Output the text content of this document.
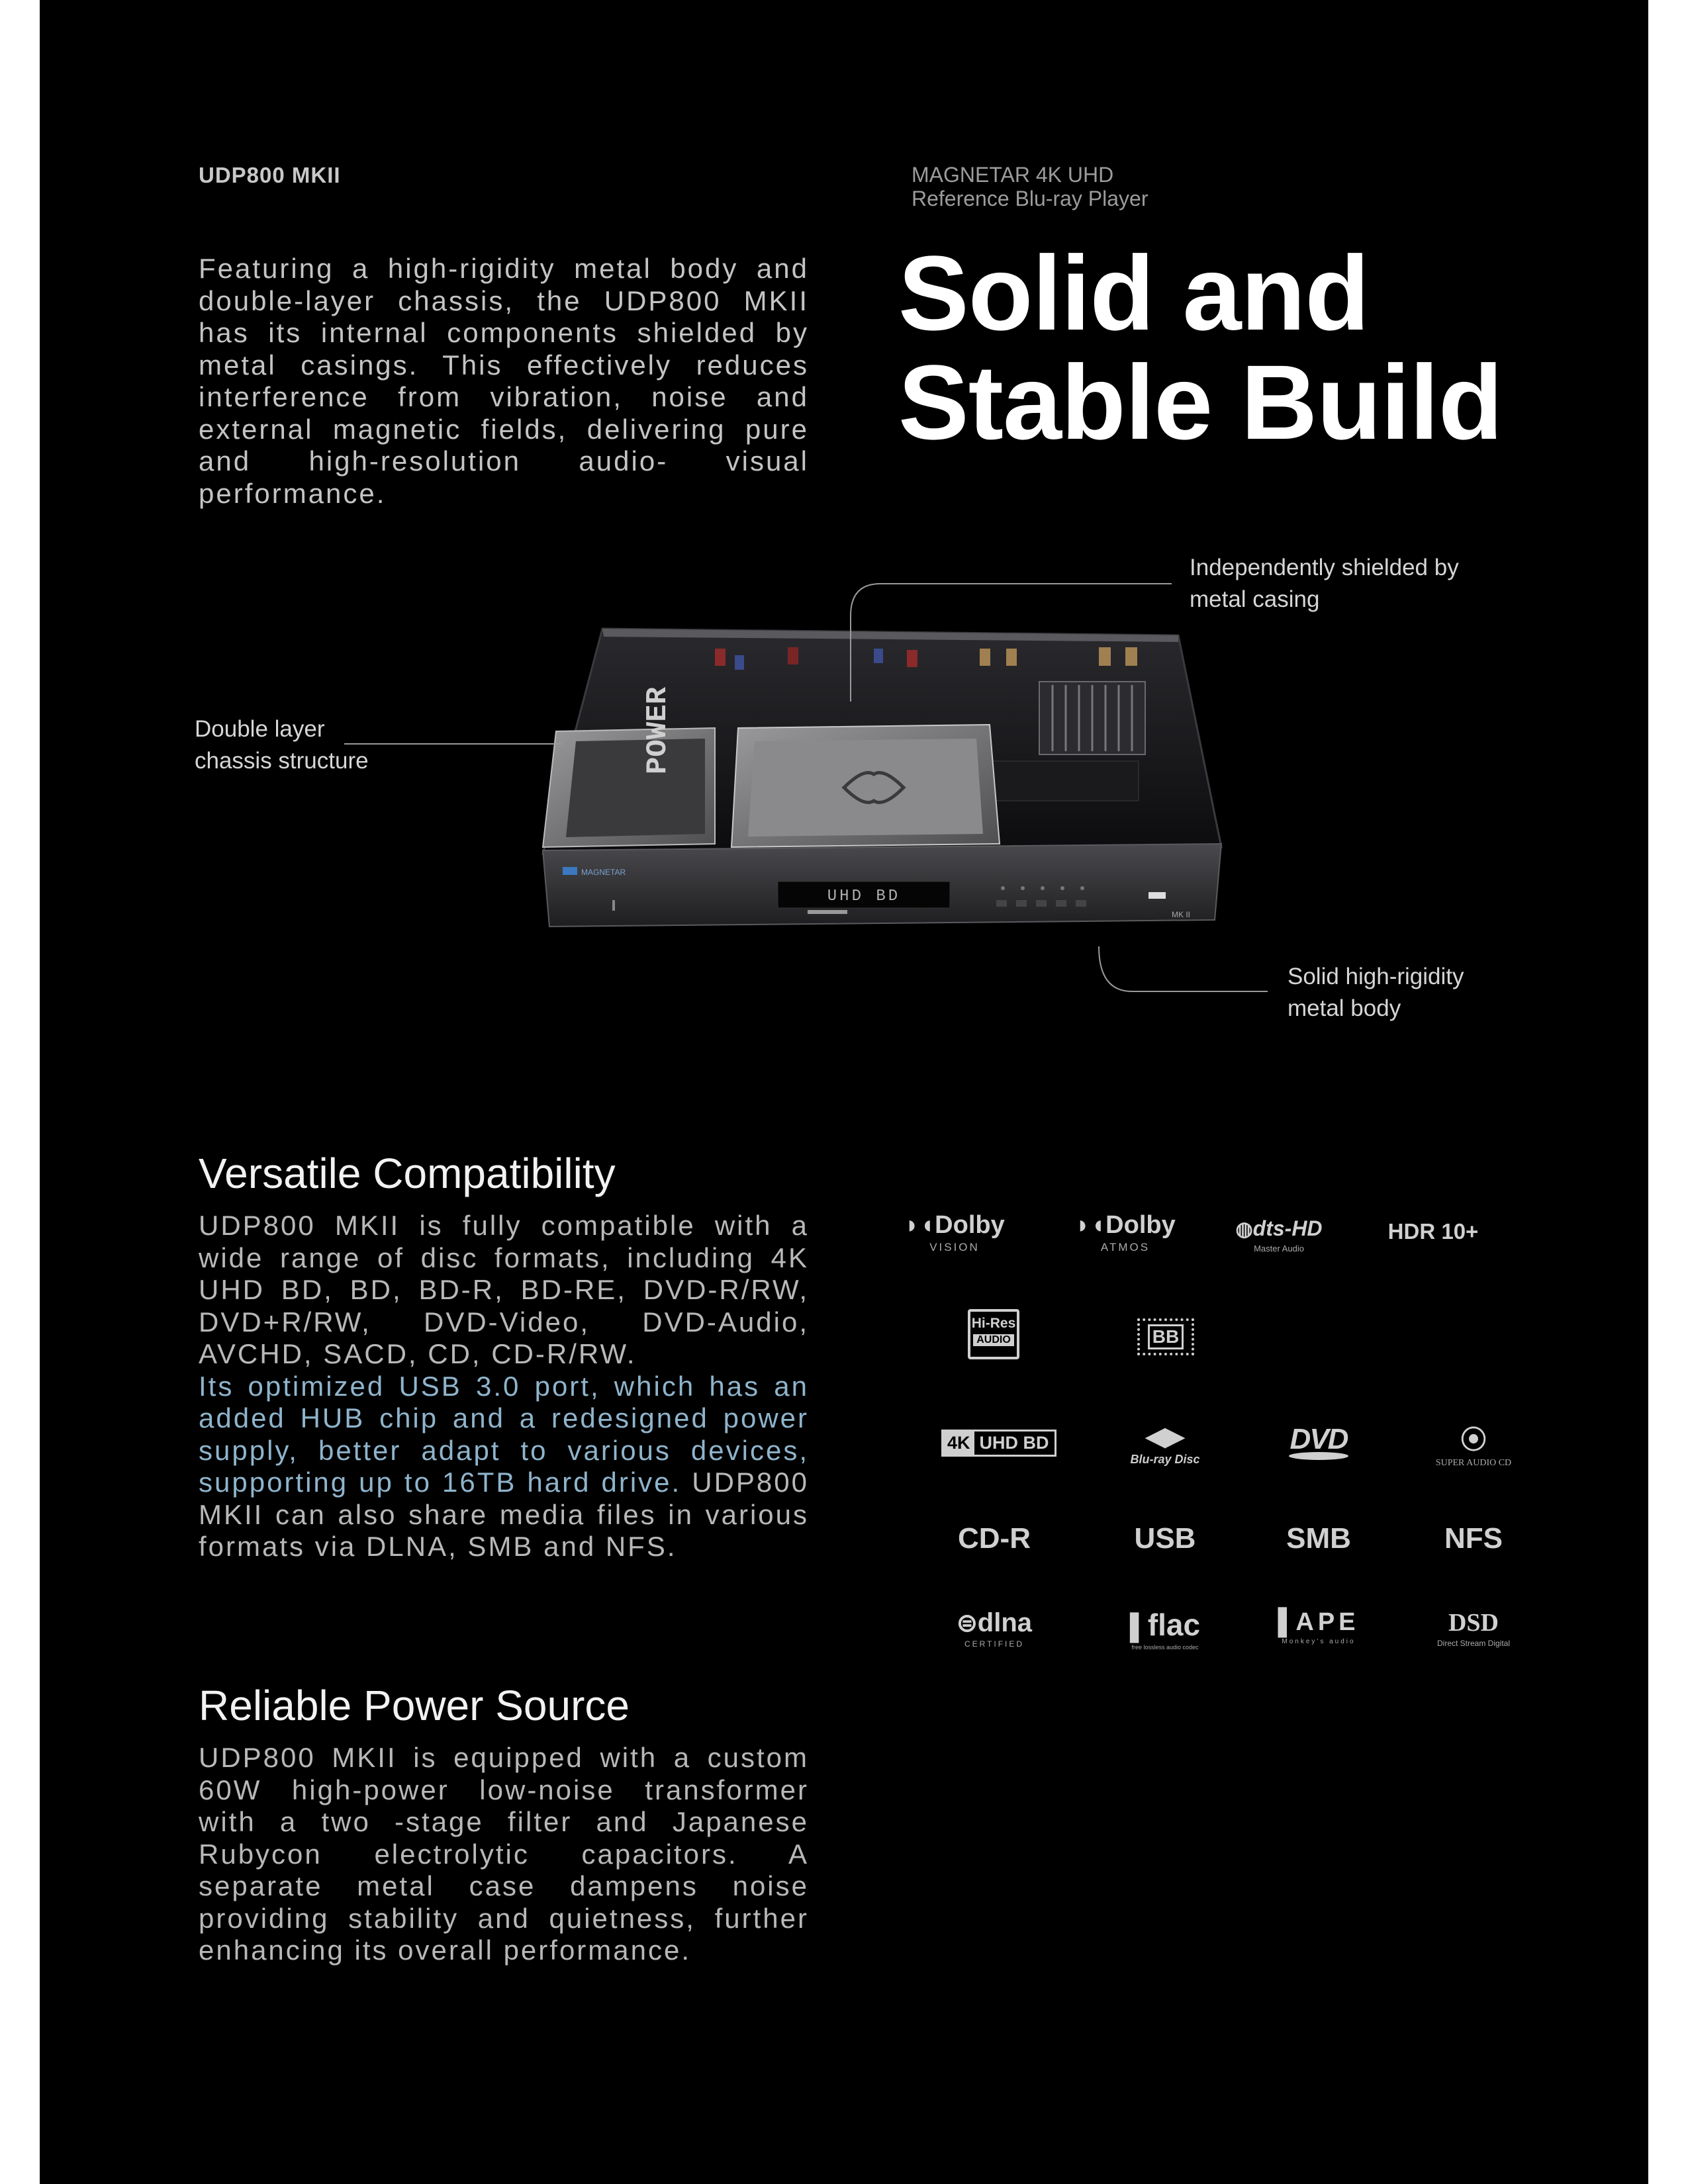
UDP800 MKII	MAGNETAR 4K UHD
Reference Blu-ray Player
Featuring a high-rigidity metal body and double-layer chassis, the UDP800 MKII has its internal components shielded by metal casings. This effectively reduces interference from vibration, noise and external magnetic fields, delivering pure and high-resolution audio- visual performance.
Solid and
Stable Build
POWER
MAGNETAR
UHD BD
MK II
Independently shielded by
metal casing
Double layer
chassis structure
Solid high-rigidity
metal body
Versatile Compatibility
UDP800 MKII is fully compatible with a wide range of disc formats, including 4K UHD BD, BD, BD-R, BD-RE, DVD-R/RW, DVD+R/RW, DVD-Video, DVD-Audio, AVCHD, SACD, CD, CD-R/RW.
Its optimized USB 3.0 port, which has an added HUB chip and a redesigned power supply, better adapt to various devices, supporting up to 16TB hard drive. UDP800 MKII can also share media files in various formats via DLNA, SMB and NFS.
Reliable Power Source
UDP800 MKII is equipped with a custom 60W high-power low-noise transformer with a two -stage filter and Japanese Rubycon electrolytic capacitors. A separate metal case dampens noise providing stability and quietness, further enhancing its overall performance.
◗◖Dolby
VISION
◗◖Dolby
ATMOS
◍dts-HD
Master Audio
HDR 10+
Hi-Res
AUDIO	BB
4K UHD BD	◀▶
Blu-ray Disc
DVD	⦿
SUPER AUDIO CD
CD-R	USB	SMB	NFS
⊜dlna
CERTIFIED
▌flac
free lossless audio codec
▌APE
Monkey's audio
DSD
Direct Stream Digital
